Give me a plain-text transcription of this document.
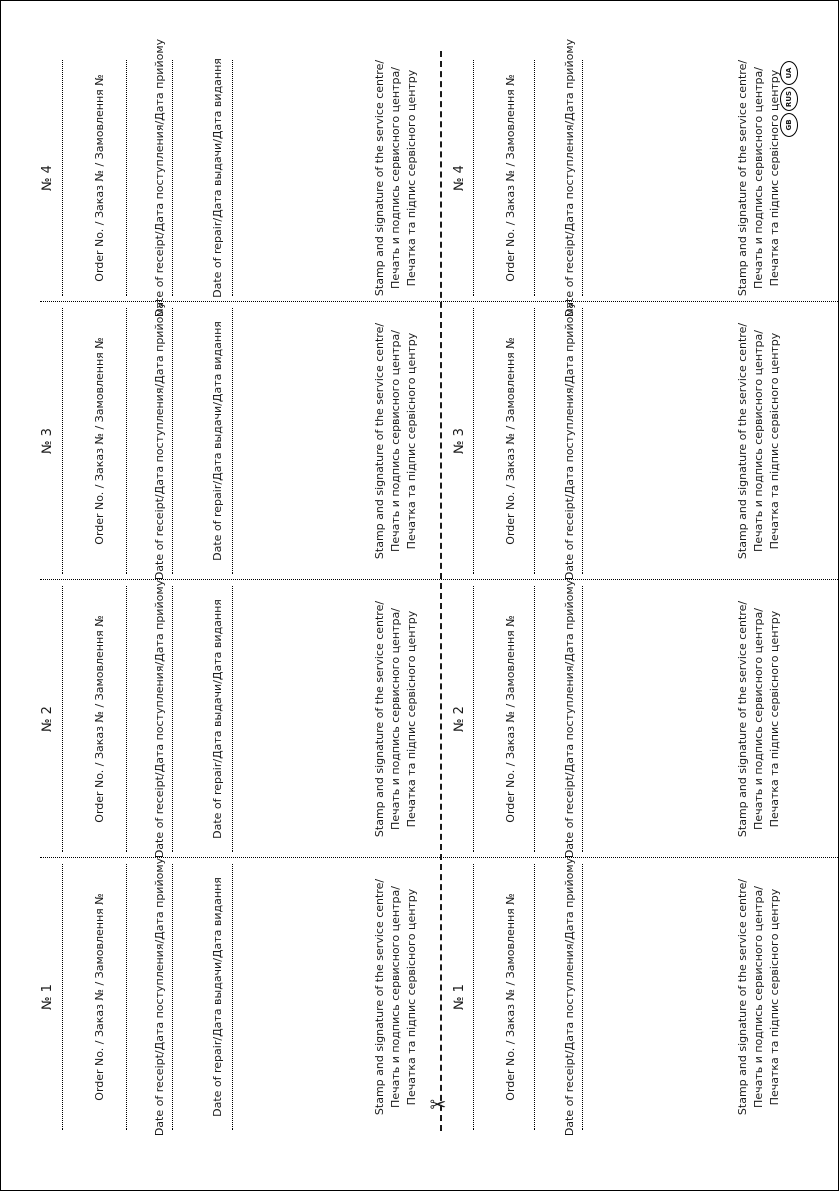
№ 1	Order No. / Заказ № / Замовлення №	Date of receipt/Дата поступления/Дата прийому	Date of repair/Дата выдачи/Дата видання	Stamp and signature of the service centre/ Печать и подпись сервисного центра/ Печатка та підпис сервісного центру
№ 2	Order No. / Заказ № / Замовлення №	Date of receipt/Дата поступления/Дата прийому	Date of repair/Дата выдачи/Дата видання	Stamp and signature of the service centre/ Печать и подпись сервисного центра/ Печатка та підпис сервісного центру
№ 3	Order No. / Заказ № / Замовлення №	Date of receipt/Дата поступления/Дата прийому	Date of repair/Дата выдачи/Дата видання	Stamp and signature of the service centre/ Печать и подпись сервисного центра/ Печатка та підпис сервісного центру
№ 4	Order No. / Заказ № / Замовлення №	Date of receipt/Дата поступления/Дата прийому	Date of repair/Дата выдачи/Дата видання	Stamp and signature of the service centre/ Печать и подпись сервисного центра/ Печатка та підпис сервісного центру
✂
№ 1	Order No. / Заказ № / Замовлення №	Date of receipt/Дата поступления/Дата прийому	Stamp and signature of the service centre/ Печать и подпись сервисного центра/ Печатка та підпис сервісного центру
№ 2	Order No. / Заказ № / Замовлення №	Date of receipt/Дата поступления/Дата прийому	Stamp and signature of the service centre/ Печать и подпись сервисного центра/ Печатка та підпис сервісного центру
№ 3	Order No. / Заказ № / Замовлення №	Date of receipt/Дата поступления/Дата прийому	Stamp and signature of the service centre/ Печать и подпись сервисного центра/ Печатка та підпис сервісного центру
№ 4	Order No. / Заказ № / Замовлення №	Date of receipt/Дата поступления/Дата прийому	Stamp and signature of the service centre/ Печать и подпись сервисного центра/ Печатка та підпис сервісного центру GB
RUS
UA
